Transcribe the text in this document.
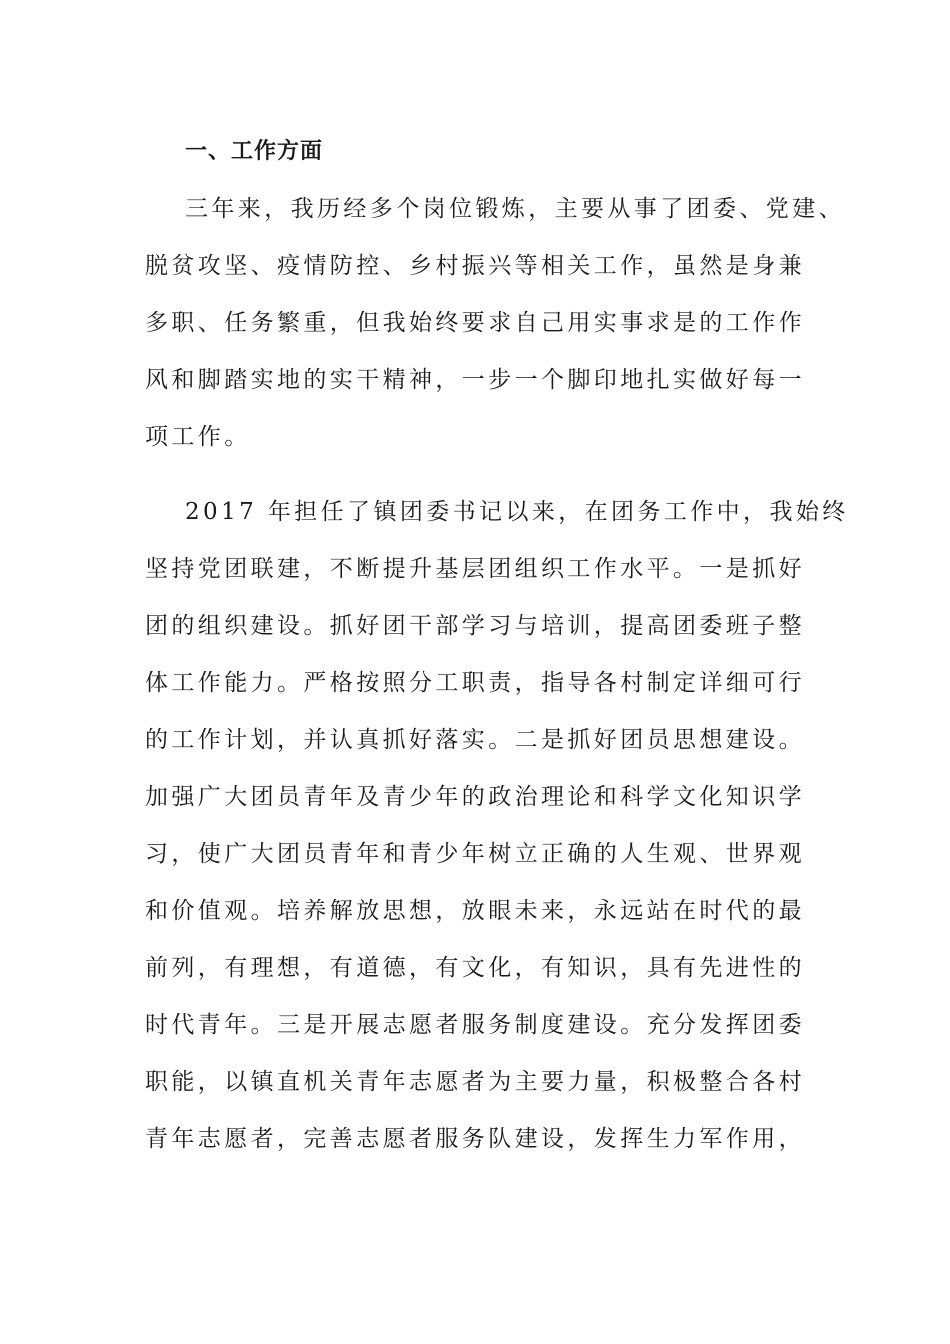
一、工作方面
三年来，我历经多个岗位锻炼，主要从事了团委、党建、
脱贫攻坚、疫情防控、乡村振兴等相关工作，虽然是身兼
多职、任务繁重，但我始终要求自己用实事求是的工作作
风和脚踏实地的实干精神，一步一个脚印地扎实做好每一
项工作。
2017 年担任了镇团委书记以来，在团务工作中，我始终
坚持党团联建，不断提升基层团组织工作水平。一是抓好
团的组织建设。抓好团干部学习与培训，提高团委班子整
体工作能力。严格按照分工职责，指导各村制定详细可行
的工作计划，并认真抓好落实。二是抓好团员思想建设。
加强广大团员青年及青少年的政治理论和科学文化知识学
习，使广大团员青年和青少年树立正确的人生观、世界观
和价值观。培养解放思想，放眼未来，永远站在时代的最
前列，有理想，有道德，有文化，有知识，具有先进性的
时代青年。三是开展志愿者服务制度建设。充分发挥团委
职能，以镇直机关青年志愿者为主要力量，积极整合各村
青年志愿者，完善志愿者服务队建设，发挥生力军作用，
